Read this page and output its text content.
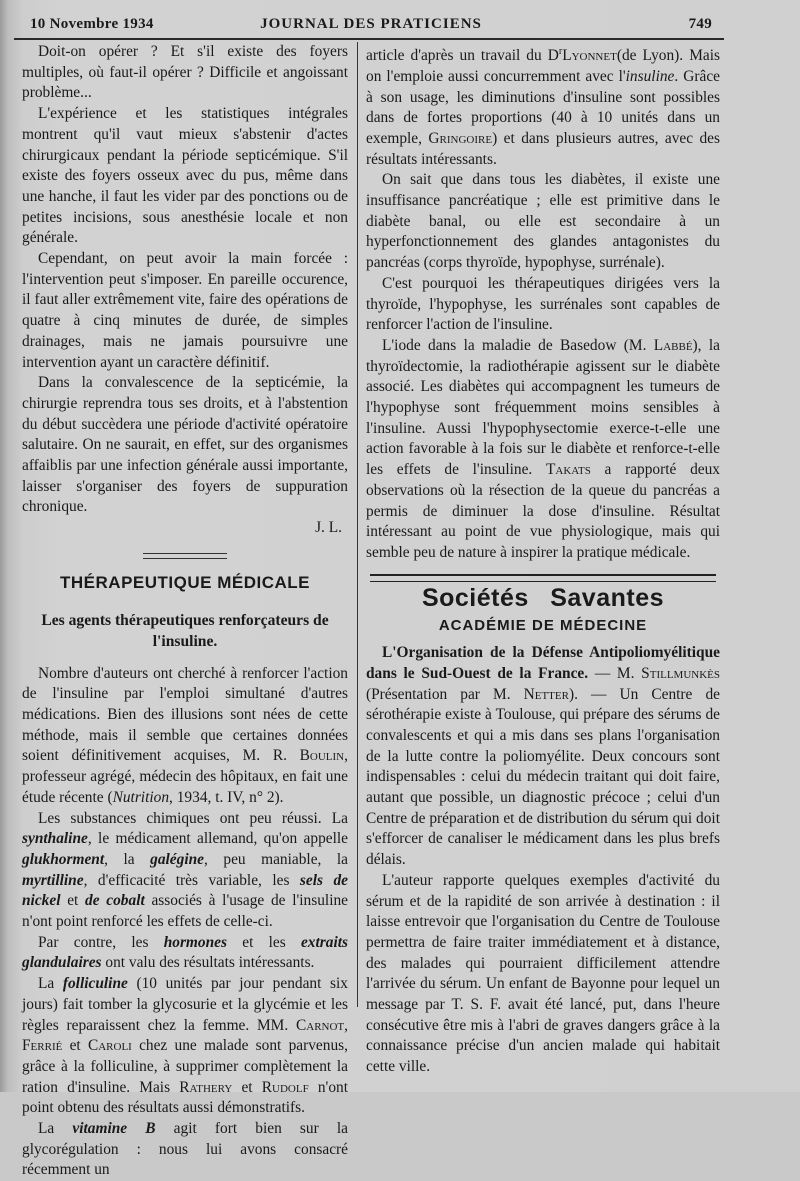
10 Novembre 1934	JOURNAL DES PRATICIENS	749

Doit-on opérer ? Et s'il existe des foyers multiples, où faut-il opérer ? Difficile et angoissant problème...

L'expérience et les statistiques intégrales montrent qu'il vaut mieux s'abstenir d'actes chirurgicaux pendant la période septicémique. S'il existe des foyers osseux avec du pus, même dans une hanche, il faut les vider par des ponctions ou de petites incisions, sous anesthésie locale et non générale.

Cependant, on peut avoir la main forcée : l'intervention peut s'imposer. En pareille occurence, il faut aller extrêmement vite, faire des opérations de quatre à cinq minutes de durée, de simples drainages, mais ne jamais poursuivre une intervention ayant un caractère définitif.

Dans la convalescence de la septicémie, la chirurgie reprendra tous ses droits, et à l'abstention du début succèdera une période d'activité opératoire salutaire. On ne saurait, en effet, sur des organismes affaiblis par une infection générale aussi importante, laisser s'organiser des foyers de suppuration chronique.

J. L.

THÉRAPEUTIQUE MÉDICALE

Les agents thérapeutiques renforçateurs de l'insuline.

Nombre d'auteurs ont cherché à renforcer l'action de l'insuline par l'emploi simultané d'autres médications. Bien des illusions sont nées de cette méthode, mais il semble que certaines données soient définitivement acquises, M. R. Boulin, professeur agrégé, médecin des hôpitaux, en fait une étude récente (Nutrition, 1934, t. IV, n° 2).

Les substances chimiques ont peu réussi. La synthaline, le médicament allemand, qu'on appelle glukhorment, la galégine, peu maniable, la myrtilline, d'efficacité très variable, les sels de nickel et de cobalt associés à l'usage de l'insuline n'ont point renforcé les effets de celle-ci.

Par contre, les hormones et les extraits glandulaires ont valu des résultats intéressants.

La folliculine (10 unités par jour pendant six jours) fait tomber la glycosurie et la glycémie et les règles reparaissent chez la femme. MM. Carnot, Ferrié et Caroli chez une malade sont parvenus, grâce à la folliculine, à supprimer complètement la ration d'insuline. Mais Rathery et Rudolf n'ont point obtenu des résultats aussi démonstratifs.

La vitamine B agit fort bien sur la glycorégulation : nous lui avons consacré récemment un

article d'après un travail du $D^rLyonnet(de$ Lyon). Mais on l'emploie aussi concurremment avec l'insuline. Grâce à son usage, les diminutions d'insuline sont possibles dans de fortes proportions (40 à 10 unités dans un exemple, Gringoire) et dans plusieurs autres, avec des résultats intéressants.

On sait que dans tous les diabètes, il existe une insuffisance pancréatique ; elle est primitive dans le diabète banal, ou elle est secondaire à un hyperfonctionnement des glandes antagonistes du pancréas (corps thyroïde, hypophyse, surrénale).

C'est pourquoi les thérapeutiques dirigées vers la thyroïde, l'hypophyse, les surrénales sont capables de renforcer l'action de l'insuline.

L'iode dans la maladie de Basedow (M. Labbé), la thyroïdectomie, la radiothérapie agissent sur le diabète associé. Les diabètes qui accompagnent les tumeurs de l'hypophyse sont fréquemment moins sensibles à l'insuline. Aussi l'hypophysectomie exerce-t-elle une action favorable à la fois sur le diabète et renforce-t-elle les effets de l'insuline. Takats a rapporté deux observations où la résection de la queue du pancréas a permis de diminuer la dose d'insuline. Résultat intéressant au point de vue physiologique, mais qui semble peu de nature à inspirer la pratique médicale.

Sociétés Savantes

ACADÉMIE DE MÉDECINE

L'Organisation de la Défense Antipoliomyélitique dans le Sud-Ouest de la France. — M. Stillmunkès (Présentation par M. Netter). — Un Centre de sérothérapie existe à Toulouse, qui prépare des sérums de convalescents et qui a mis dans ses plans l'organisation de la lutte contre la poliomyélite. Deux concours sont indispensables : celui du médecin traitant qui doit faire, autant que possible, un diagnostic précoce ; celui d'un Centre de préparation et de distribution du sérum qui doit s'efforcer de canaliser le médicament dans les plus brefs délais.

L'auteur rapporte quelques exemples d'activité du sérum et de la rapidité de son arrivée à destination : il laisse entrevoir que l'organisation du Centre de Toulouse permettra de faire traiter immédiatement et à distance, des malades qui pourraient difficilement attendre l'arrivée du sérum. Un enfant de Bayonne pour lequel un message par T. S. F. avait été lancé, put, dans l'heure consécutive être mis à l'abri de graves dangers grâce à la connaissance précise d'un ancien malade qui habitait cette ville.
